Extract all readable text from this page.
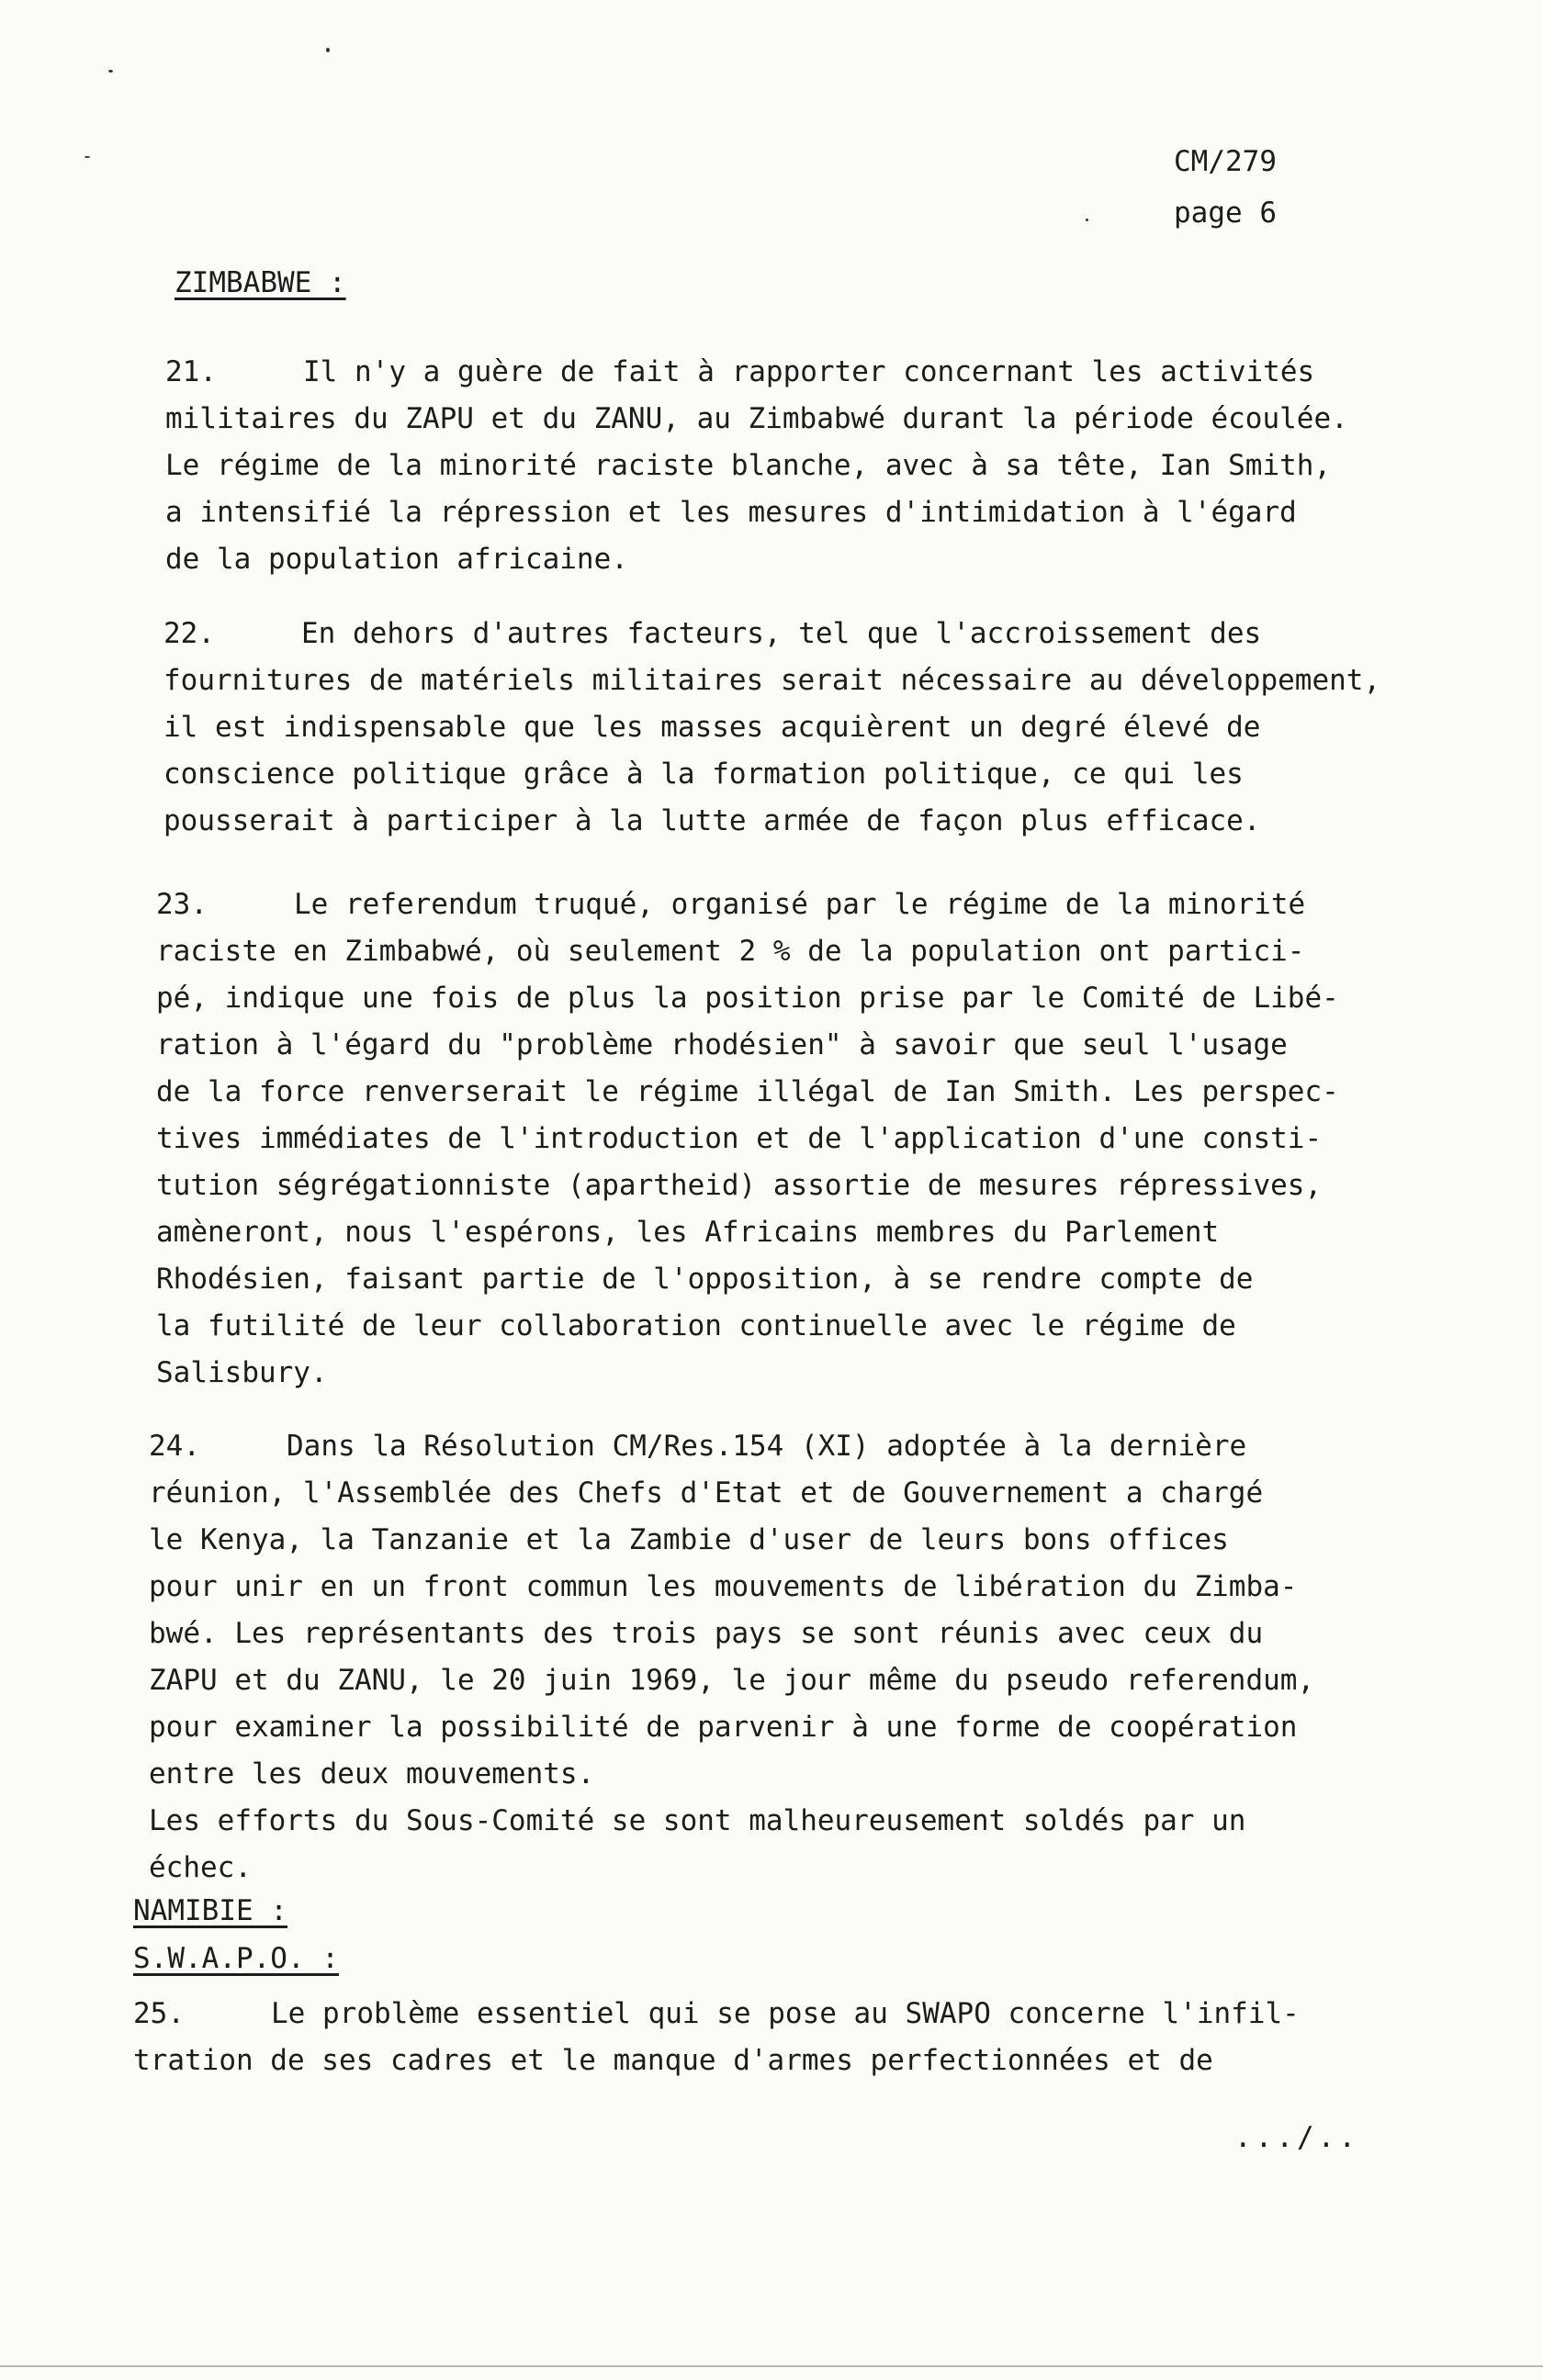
CM/279
page 6
ZIMBABWE :
21.	Il n'y a guère de fait à rapporter concernant les activités
militaires du ZAPU et du ZANU, au Zimbabwé durant la période écoulée.
Le régime de la minorité raciste blanche, avec à sa tête, Ian Smith,
a intensifié la répression et les mesures d'intimidation à l'égard
de la population africaine.
22.	En dehors d'autres facteurs, tel que l'accroissement des
fournitures de matériels militaires serait nécessaire au développement,
il est indispensable que les masses acquièrent un degré élevé de
conscience politique grâce à la formation politique, ce qui les
pousserait à participer à la lutte armée de façon plus efficace.
23.	Le referendum truqué, organisé par le régime de la minorité
raciste en Zimbabwé, où seulement 2 % de la population ont partici-
pé, indique une fois de plus la position prise par le Comité de Libé-
ration à l'égard du "problème rhodésien" à savoir que seul l'usage
de la force renverserait le régime illégal de Ian Smith. Les perspec-
tives immédiates de l'introduction et de l'application d'une consti-
tution ségrégationniste (apartheid) assortie de mesures répressives,
amèneront, nous l'espérons, les Africains membres du Parlement
Rhodésien, faisant partie de l'opposition, à se rendre compte de
la futilité de leur collaboration continuelle avec le régime de
Salisbury.
24.	Dans la Résolution CM/Res.154 (XI) adoptée à la dernière
réunion, l'Assemblée des Chefs d'Etat et de Gouvernement a chargé
le Kenya, la Tanzanie et la Zambie d'user de leurs bons offices
pour unir en un front commun les mouvements de libération du Zimba-
bwé. Les représentants des trois pays se sont réunis avec ceux du
ZAPU et du ZANU, le 20 juin 1969, le jour même du pseudo referendum,
pour examiner la possibilité de parvenir à une forme de coopération
entre les deux mouvements.
Les efforts du Sous-Comité se sont malheureusement soldés par un
échec.
NAMIBIE :
S.W.A.P.O. :
25.	Le problème essentiel qui se pose au SWAPO concerne l'infil-
tration de ses cadres et le manque d'armes perfectionnées et de
.../..
